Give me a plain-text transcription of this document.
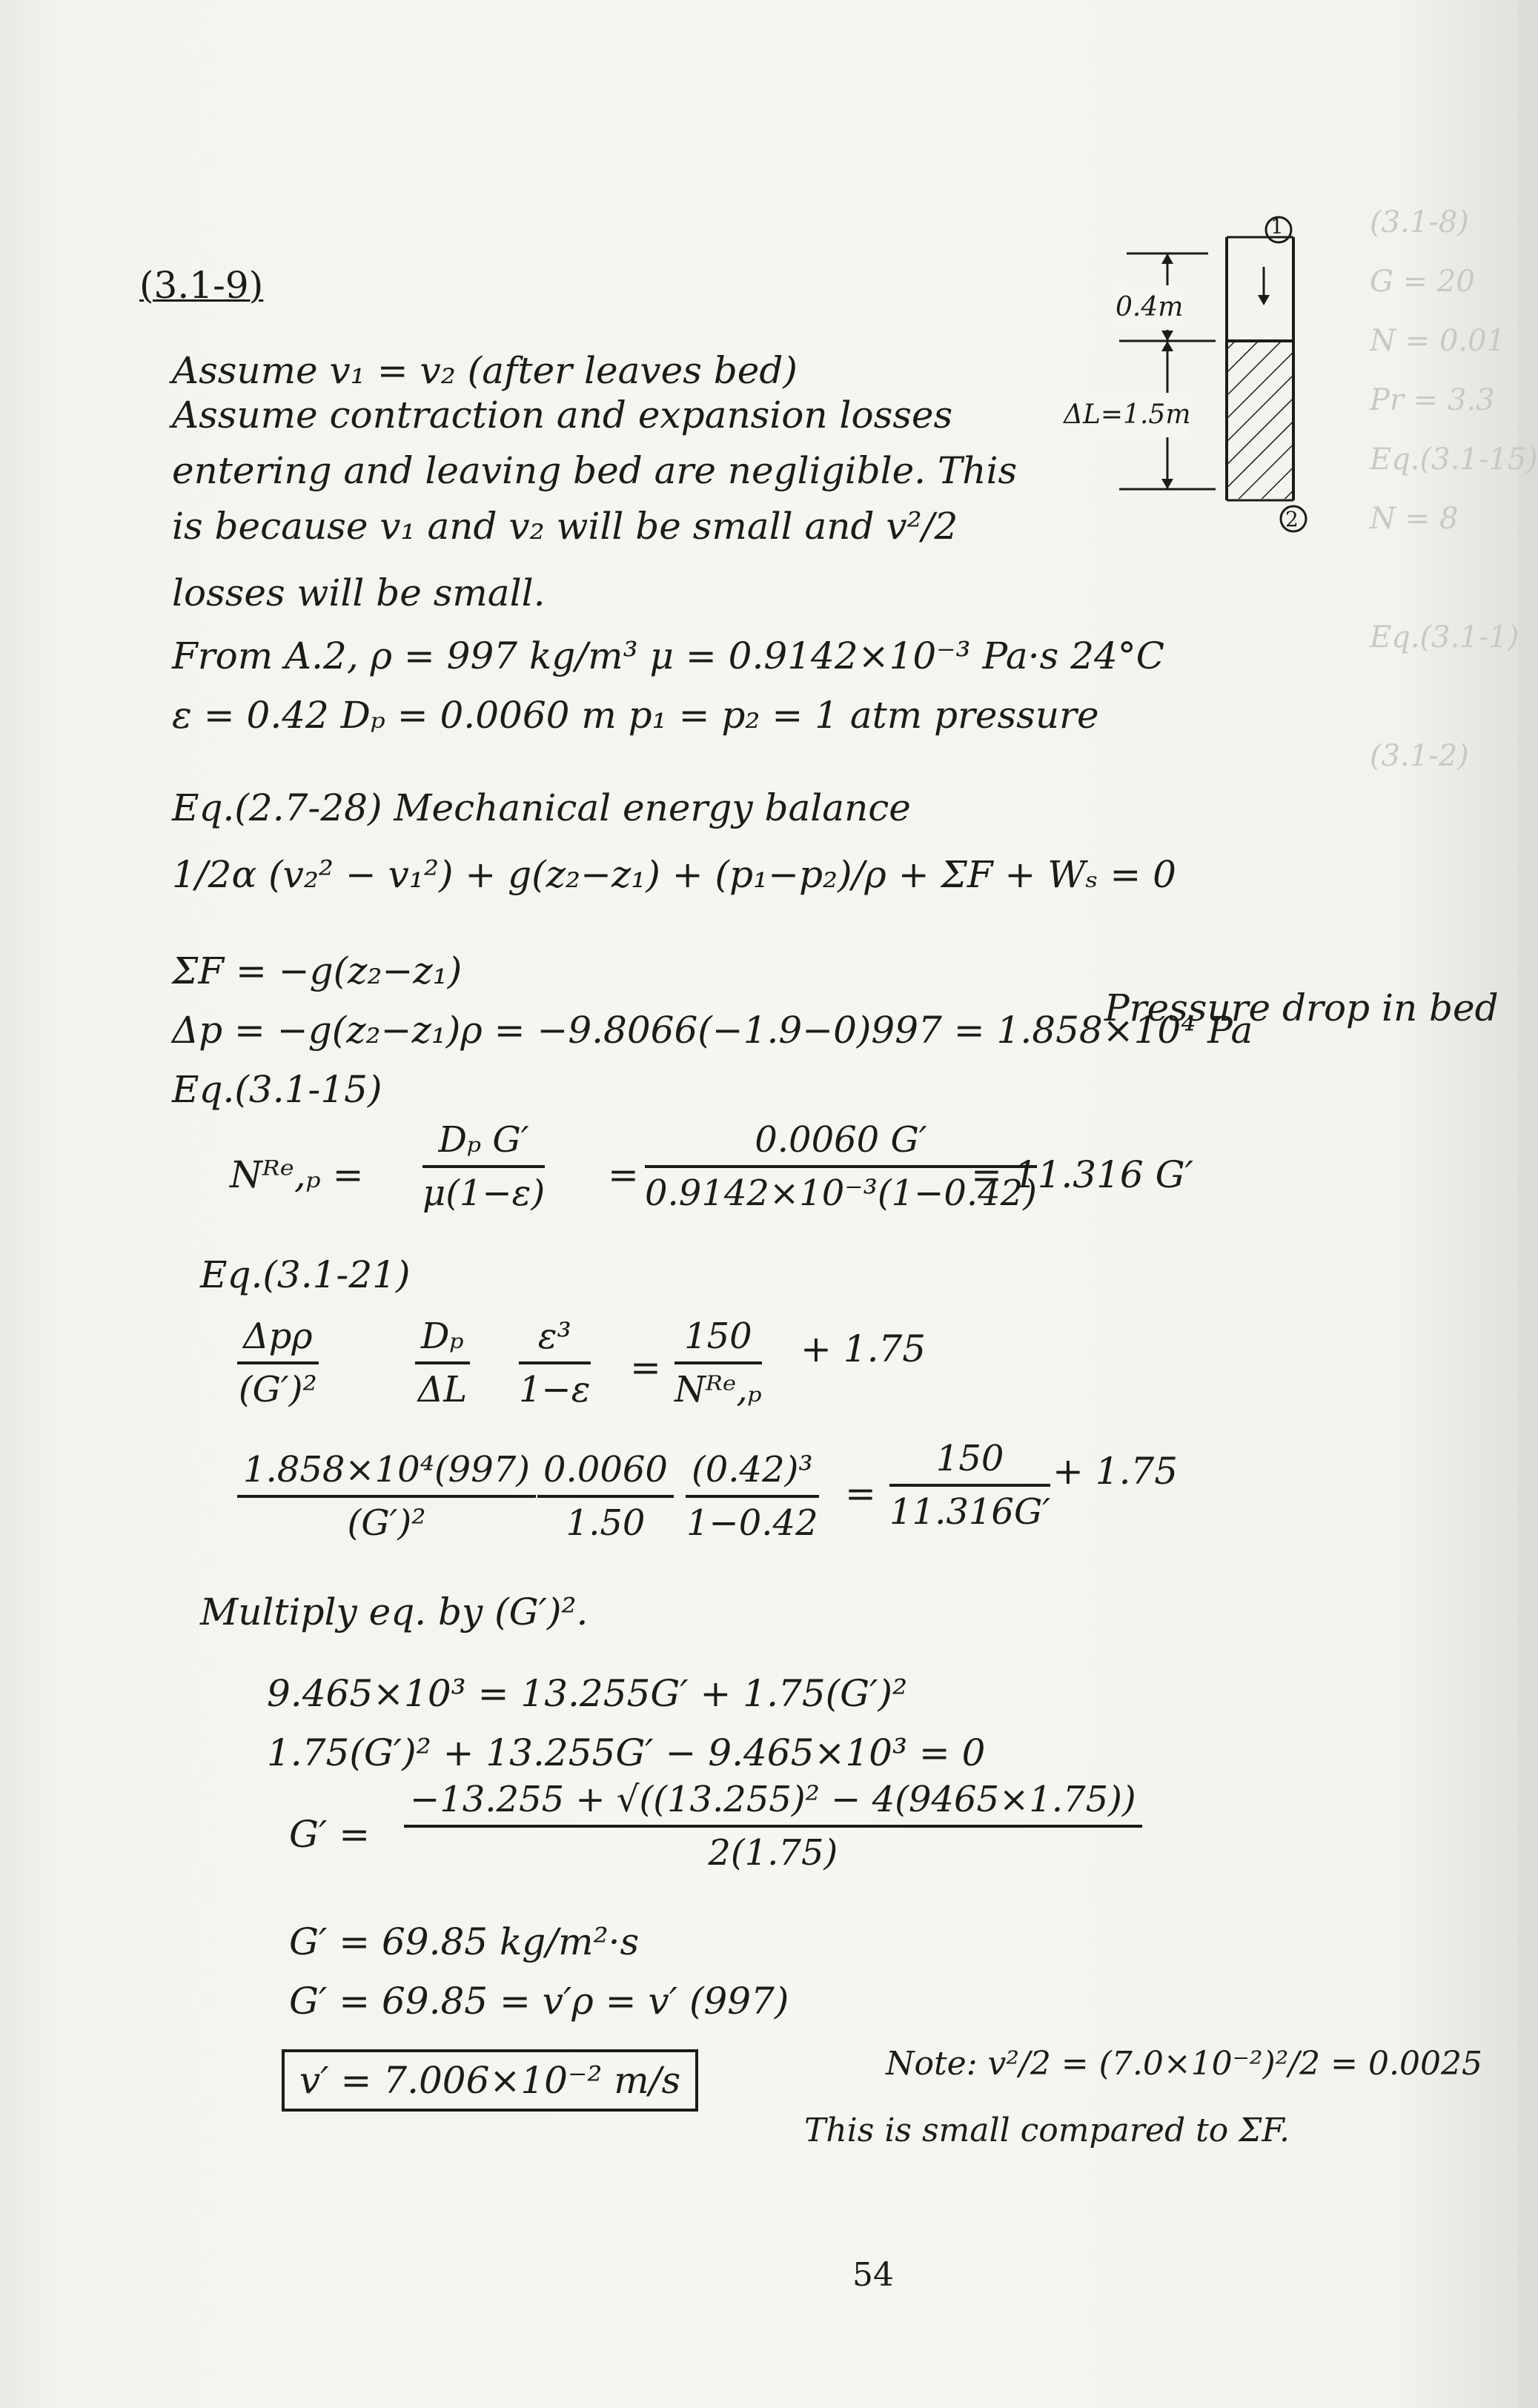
(3.1-8)
G = 20
N = 0.01
Pr = 3.3
Eq.(3.1-15)
N = 8

Eq.(3.1-1)

(3.1-2)
(3.1-9)
1
2
0.4m
ΔL=1.5m
Assume v₁ = v₂ (after leaves bed)
Assume contraction and expansion losses
entering and leaving bed are negligible. This
is because v₁ and v₂ will be small and v²/2
losses will be small.
From A.2, ρ = 997 kg/m³ μ = 0.9142×10⁻³ Pa·s 24°C
ε = 0.42 Dₚ = 0.0060 m p₁ = p₂ = 1 atm pressure
Eq.(2.7-28) Mechanical energy balance
1/2α (v₂² − v₁²) + g(z₂−z₁) + (p₁−p₂)/ρ + ΣF + Wₛ = 0
ΣF = −g(z₂−z₁)
Δp = −g(z₂−z₁)ρ = −9.8066(−1.9−0)997 = 1.858×10⁴ Pa
Pressure drop in bed
Eq.(3.1-15)
Nᴿᵉ,ₚ = $\frac{\text{Dₚ G′}}{\mu(1-\varepsilon)} = \frac{0.0060 G'}{\text{0.9142×10⁻³(1−0.42)}}$
= 11.316 G′
Eq.(3.1-21)
Δpρ
(G′)²	$\frac{\text{Dₚ}}{\Delta L} \frac{\text{ε³}}{1-\varepsilon}$ =
150
Nᴿᵉ,ₚ
+ 1.75
$\frac{\text{1.858×10⁴(997)}}{\text{(G′)²}} \frac{0.0060}{1.50} \frac{\text{(0.42)³}}{1-0.42} = \frac{150}{11.316G'} + 1.75$
Multiply eq. by (G′)².
9.465×10³ = 13.255G′ + 1.75(G′)²
1.75(G′)² + 13.255G′ − 9.465×10³ = 0
$G' = \frac{\text{−13.255 + √((13.255)² − 4(9465×1.75))}}{2(1.75)}$
G′ = 69.85 kg/m²·s
G′ = 69.85 = v′ρ = v′ (997)
v′ = 7.006×10⁻² m/s	Note: v²/2 = (7.0×10⁻²)²/2 = 0.0025
This is small compared to ΣF.
54
